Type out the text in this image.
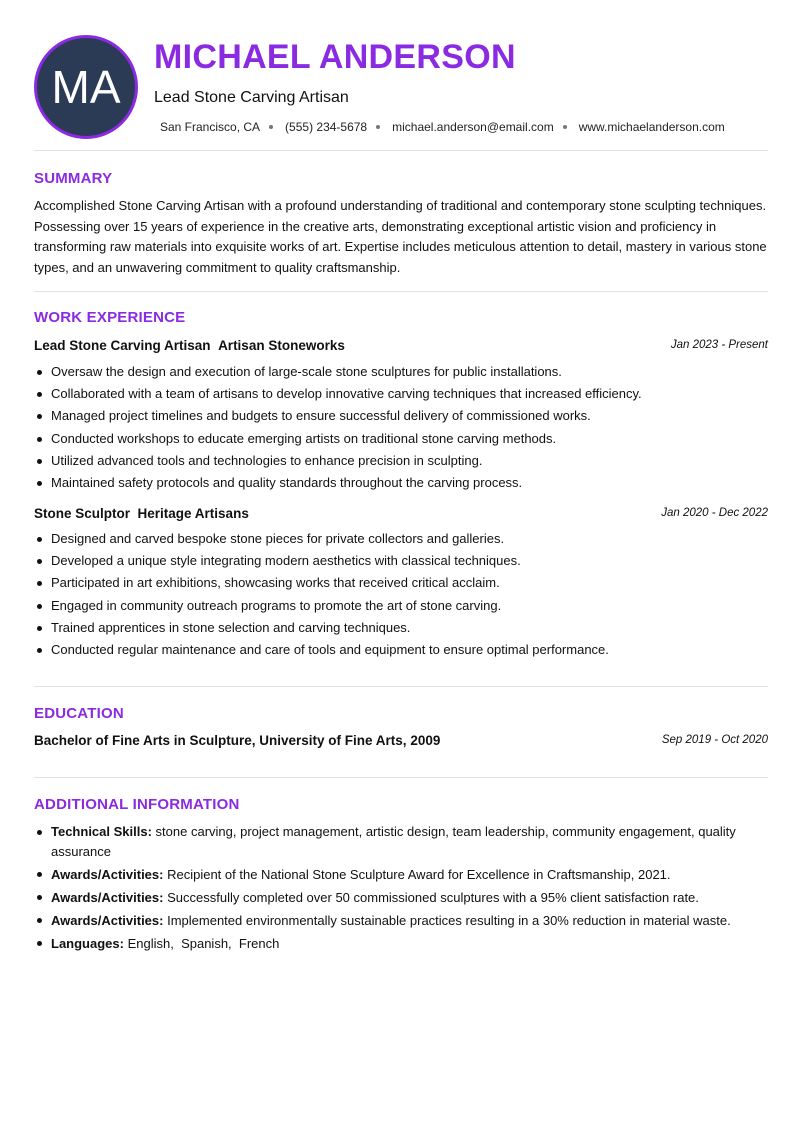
MA
MICHAEL ANDERSON
Lead Stone Carving Artisan
San Francisco, CA (555) 234-5678 michael.anderson@email.com www.michaelanderson.com
SUMMARY
Accomplished Stone Carving Artisan with a profound understanding of traditional and contemporary stone sculpting techniques. Possessing over 15 years of experience in the creative arts, demonstrating exceptional artistic vision and proficiency in transforming raw materials into exquisite works of art. Expertise includes meticulous attention to detail, mastery in various stone types, and an unwavering commitment to quality craftsmanship.
WORK EXPERIENCE
Lead Stone Carving Artisan Artisan Stoneworks	Jan 2023 - Present
Oversaw the design and execution of large-scale stone sculptures for public installations.
Collaborated with a team of artisans to develop innovative carving techniques that increased efficiency.
Managed project timelines and budgets to ensure successful delivery of commissioned works.
Conducted workshops to educate emerging artists on traditional stone carving methods.
Utilized advanced tools and technologies to enhance precision in sculpting.
Maintained safety protocols and quality standards throughout the carving process.
Stone Sculptor Heritage Artisans	Jan 2020 - Dec 2022
Designed and carved bespoke stone pieces for private collectors and galleries.
Developed a unique style integrating modern aesthetics with classical techniques.
Participated in art exhibitions, showcasing works that received critical acclaim.
Engaged in community outreach programs to promote the art of stone carving.
Trained apprentices in stone selection and carving techniques.
Conducted regular maintenance and care of tools and equipment to ensure optimal performance.
EDUCATION
Bachelor of Fine Arts in Sculpture, University of Fine Arts, 2009	Sep 2019 - Oct 2020
ADDITIONAL INFORMATION
Technical Skills: stone carving, project management, artistic design, team leadership, community engagement, quality assurance
Awards/Activities: Recipient of the National Stone Sculpture Award for Excellence in Craftsmanship, 2021.
Awards/Activities: Successfully completed over 50 commissioned sculptures with a 95% client satisfaction rate.
Awards/Activities: Implemented environmentally sustainable practices resulting in a 30% reduction in material waste.
Languages: English,  Spanish,  French
